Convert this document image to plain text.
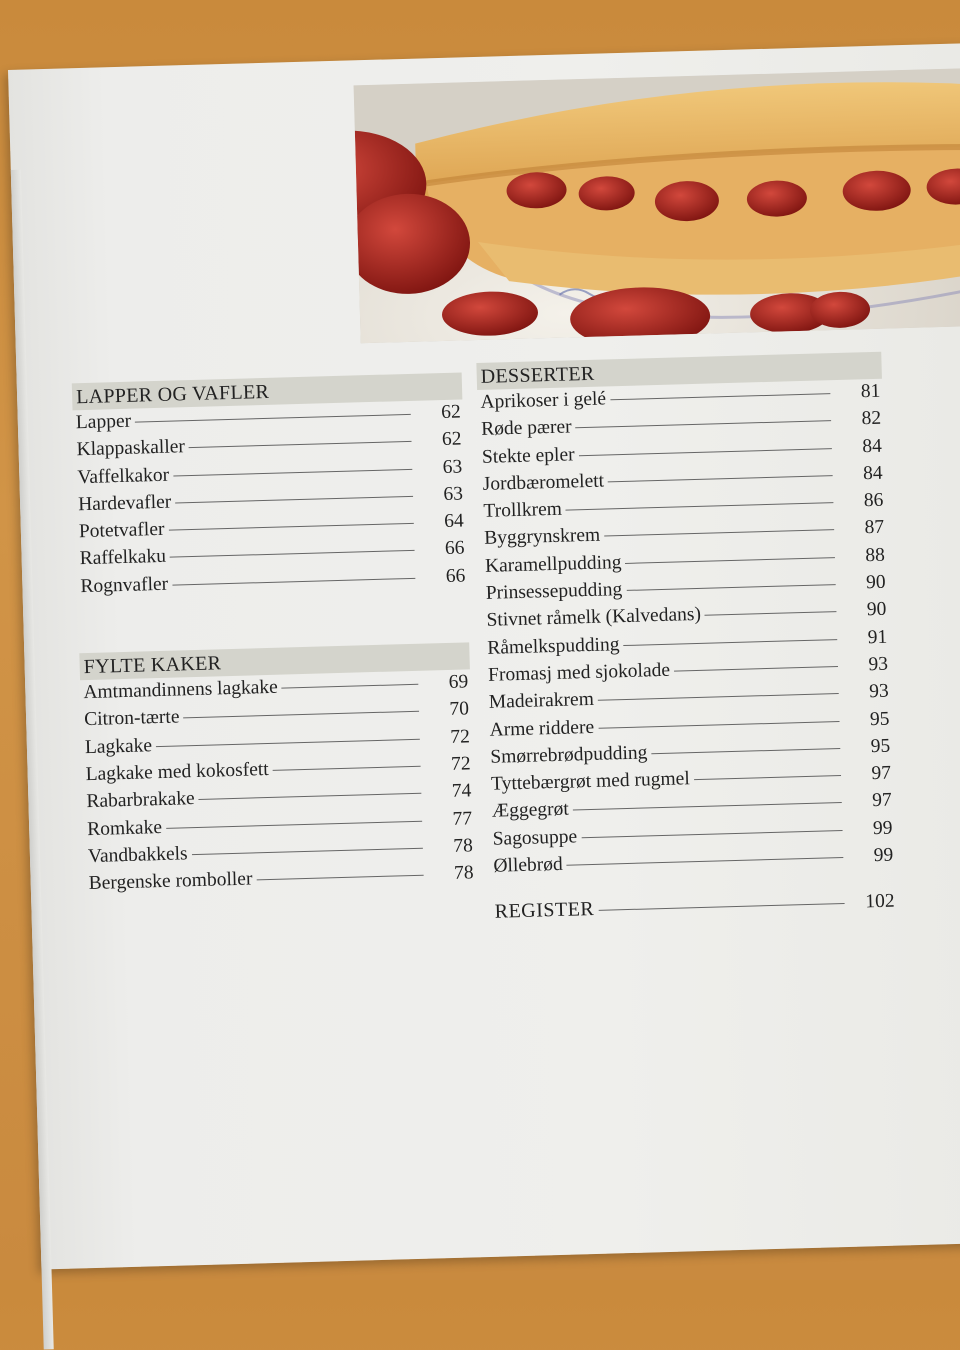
LAPPER OG VAFLER
Lapper	62
Klappaskaller	62
Vaffelkakor	63
Hardevafler	63
Potetvafler	64
Raffelkaku	66
Rognvafler	66
FYLTE KAKER
Amtmandinnens lagkake	69
Citron-tærte	70
Lagkake	72
Lagkake med kokosfett	72
Rabarbrakake	74
Romkake	77
Vandbakkels	78
Bergenske romboller	78
DESSERTER
Aprikoser i gelé	81
Røde pærer	82
Stekte epler	84
Jordbæromelett	84
Trollkrem	86
Byggrynskrem	87
Karamellpudding	88
Prinsessepudding	90
Stivnet råmelk (Kalvedans)	90
Råmelkspudding	91
Fromasj med sjokolade	93
Madeirakrem	93
Arme riddere	95
Smørrebrødpudding	95
Tyttebærgrøt med rugmel	97
Æggegrøt	97
Sagosuppe	99
Øllebrød	99
REGISTER	102
